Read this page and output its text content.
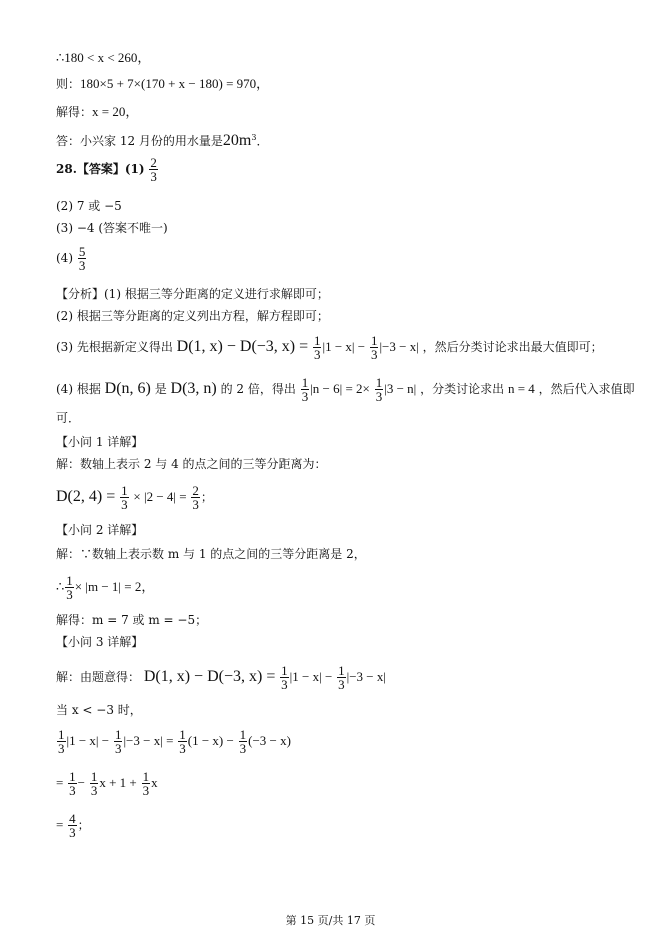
∴180 < x < 260，
则：180×5 + 7×(170 + x − 180) = 970，
解得：x = 20，
答：小兴家 12 月份的用水量是$20m^3$．
28.【答案】$(1) \frac{2}{3}$
(2) 7 或 −5
(3) −4 (答案不唯一)
$(4) \frac{5}{3}$
【分析】(1) 根据三等分距离的定义进行求解即可；
(2) 根据三等分距离的定义列出方程，解方程即可；
(3) 先根据新定义得出 D(1, x) − D(−3, $x) = \frac{1}{3} |1 - x| - \frac{1}{3} |-3 - x|$ ，然后分类讨论求出最大值即可；
(4) 根据 D(n, 6) 是 D(3, n) 的 2 倍，得出 $\frac{1}{3} |n - 6| = 2\times \frac{1}{3} |3 - n|$ ，分类讨论求出 n = 4 ，然后代入求值即
可．
【小问 1 详解】
解：数轴上表示 2 与 4 的点之间的三等分距离为：
D(2, $4) = \frac{1}{3} \times |2 - 4| = \frac{2}{3}$ ；
【小问 2 详解】
解：∵数轴上表示数 m 与 1 的点之间的三等分距离是 2，
∴ $\frac{1}{3} \times |m - 1| = 2$，
解得：m = 7 或 m = −5；
【小问 3 详解】
解：由题意得： D(1, x) − D(−3, $x) = \frac{1}{3} |1 - x| - \frac{1}{3} |-3 - x|$
当 x < −3 时，
$\frac{1}{3} |1 - x| - \frac{1}{3} |-3 - x| = \frac{1}{3} (1 - x) - \frac{1}{3} (-3 - x)$
= $\frac{1}{3} - \frac{1}{3}$ $x + 1 + \frac{1}{3}$ x
= $\frac{4}{3}$ ；
第 15 页/共 17 页
